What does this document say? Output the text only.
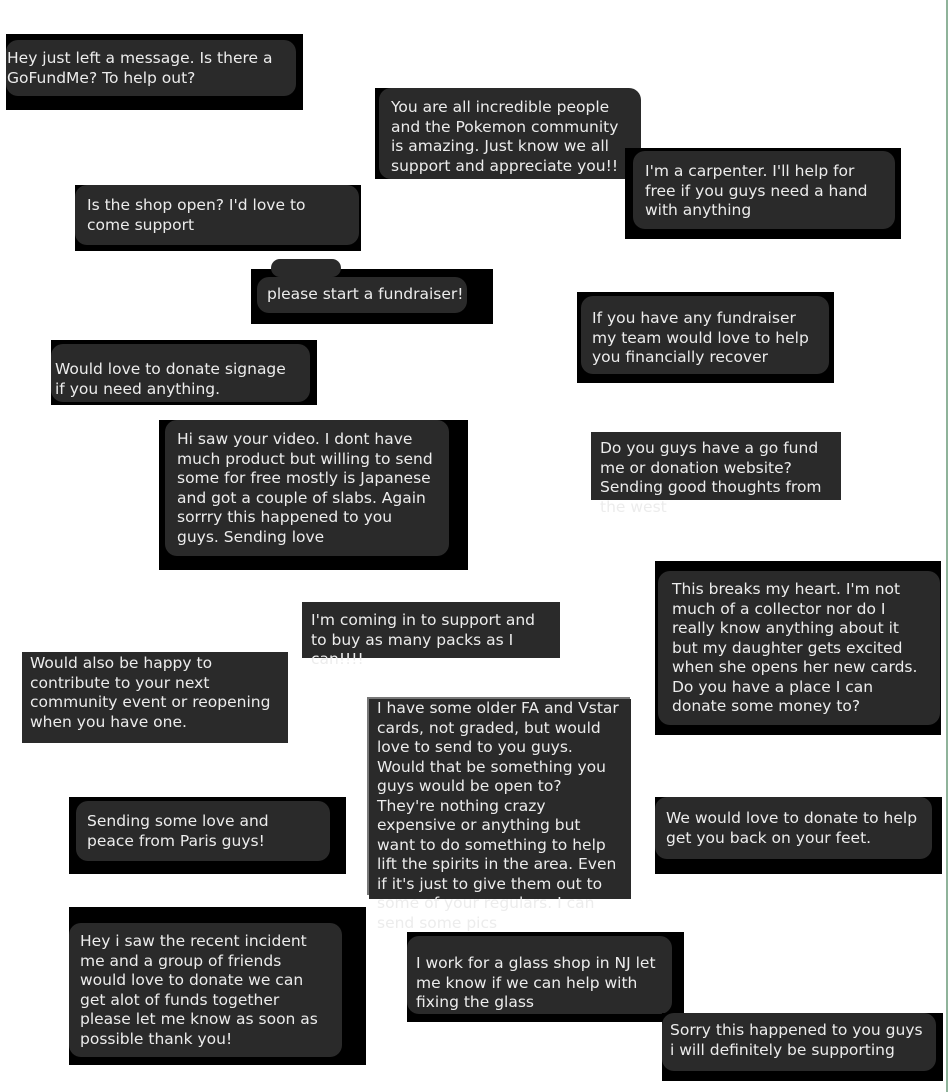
Hey just left a message. Is there a GoFundMe? To help out?
You are all incredible people and the Pokemon community is amazing. Just know we all support and appreciate you!!	I'm a carpenter. I'll help for free if you guys need a hand with anything
Is the shop open? I'd love to come support
please start a fundraiser!
If you have any fundraiser my team would love to help you financially recover
Would love to donate signage if you need anything.
Hi saw your video. I dont have much product but willing to send some for free mostly is Japanese and got a couple of slabs. Again sorrry this happened to you guys. Sending love
Do you guys have a go fund me or donation website? Sending good thoughts from the west
This breaks my heart. I'm not much of a collector nor do I really know anything about it but my daughter gets excited when she opens her new cards. Do you have a place I can donate some money to?
I'm coming in to support and to buy as many packs as I can!!!!
Would also be happy to contribute to your next community event or reopening when you have one.
I have some older FA and Vstar cards, not graded, but would love to send to you guys. Would that be something you guys would be open to? They're nothing crazy expensive or anything but want to do something to help lift the spirits in the area. Even if it's just to give them out to some of your regulars. I can send some pics
Sending some love and peace from Paris guys!
We would love to donate to help get you back on your feet.
Hey i saw the recent incident me and a group of friends would love to donate we can get alot of funds together please let me know as soon as possible thank you!
I work for a glass shop in NJ let me know if we can help with fixing the glass
Sorry this happened to you guys i will definitely be supporting
